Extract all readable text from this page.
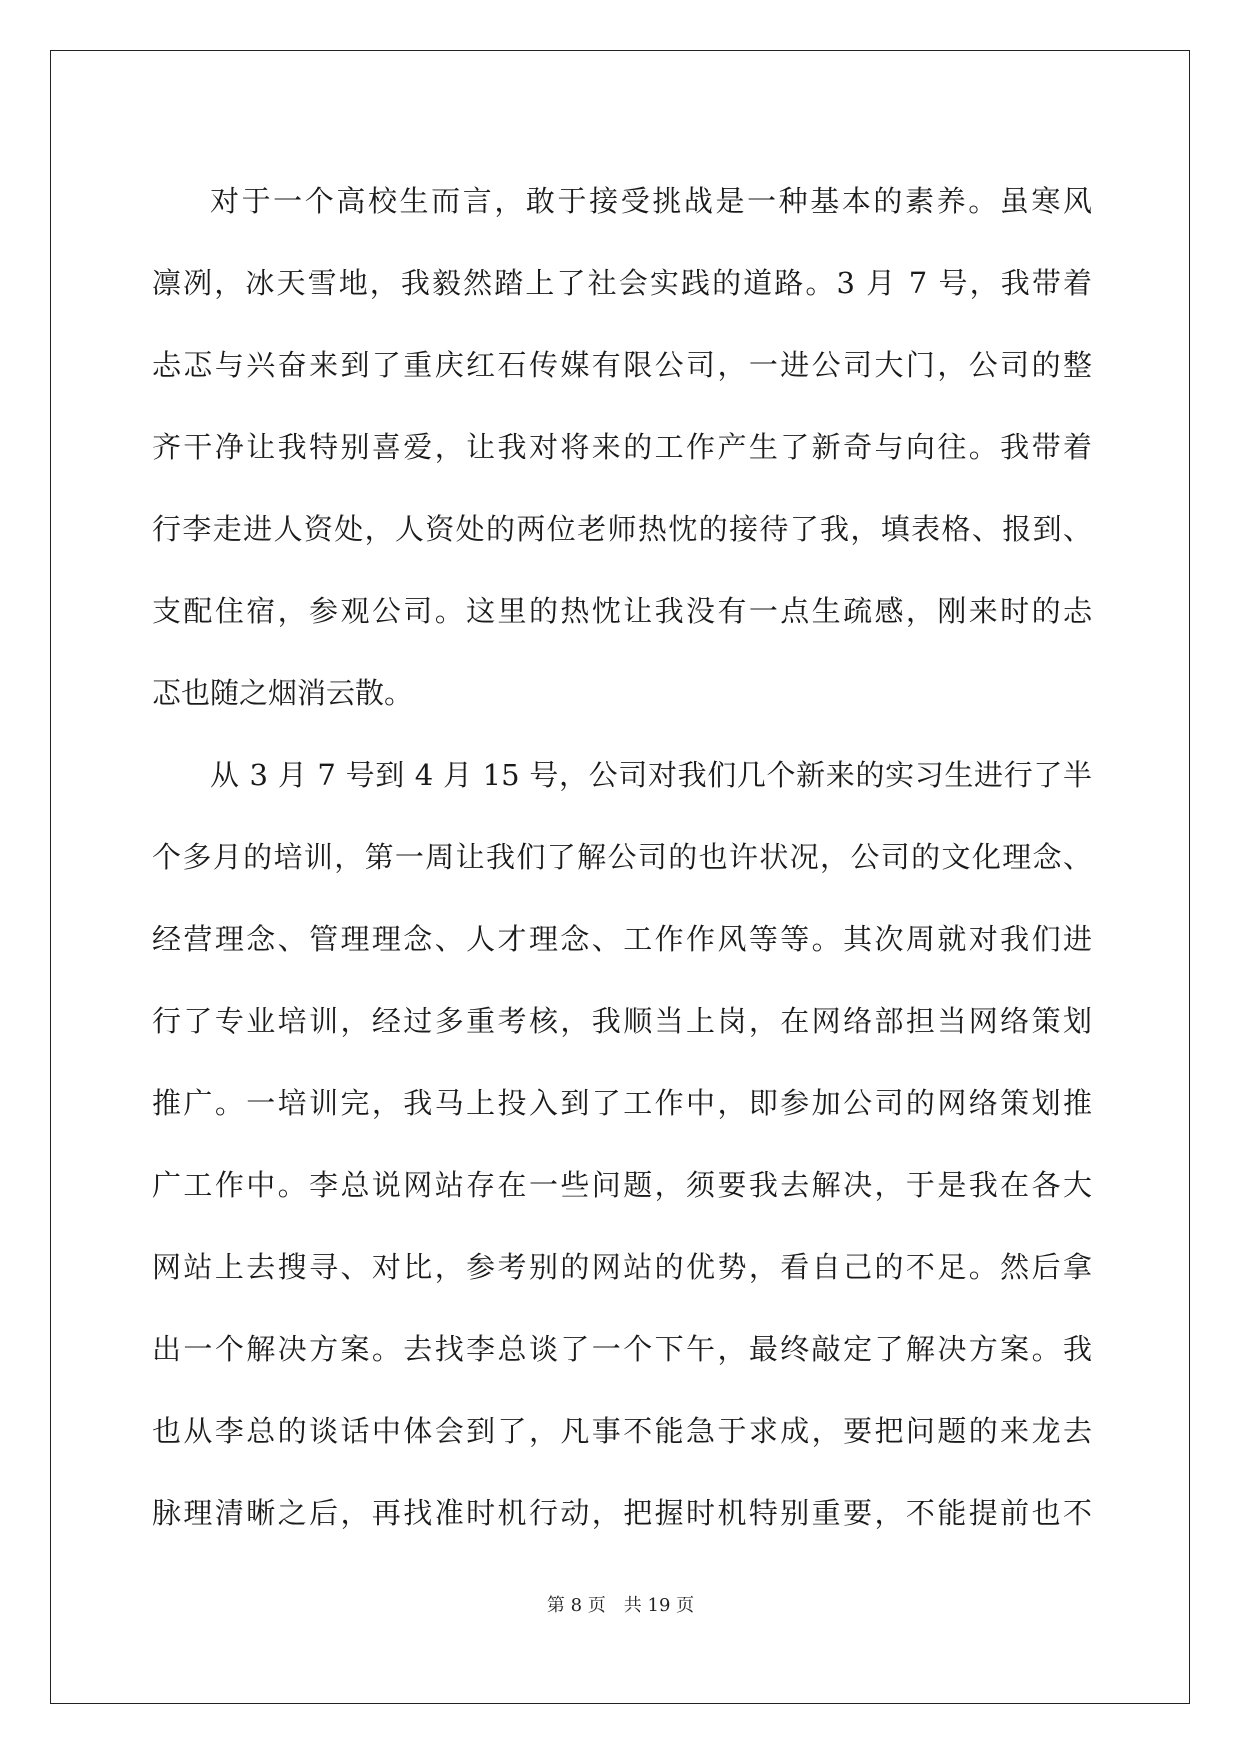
对于一个高校生而言，敢于接受挑战是一种基本的素养。虽寒风
凛冽，冰天雪地，我毅然踏上了社会实践的道路。3 月 7 号，我带着
忐忑与兴奋来到了重庆红石传媒有限公司，一进公司大门，公司的整
齐干净让我特别喜爱，让我对将来的工作产生了新奇与向往。我带着
行李走进人资处，人资处的两位老师热忱的接待了我，填表格、报到、
支配住宿，参观公司。这里的热忱让我没有一点生疏感，刚来时的忐
忑也随之烟消云散。
从 3 月 7 号到 4 月 15 号，公司对我们几个新来的实习生进行了半
个多月的培训，第一周让我们了解公司的也许状况，公司的文化理念、
经营理念、管理理念、人才理念、工作作风等等。其次周就对我们进
行了专业培训，经过多重考核，我顺当上岗，在网络部担当网络策划
推广。一培训完，我马上投入到了工作中，即参加公司的网络策划推
广工作中。李总说网站存在一些问题，须要我去解决，于是我在各大
网站上去搜寻、对比，参考别的网站的优势，看自己的不足。然后拿
出一个解决方案。去找李总谈了一个下午，最终敲定了解决方案。我
也从李总的谈话中体会到了，凡事不能急于求成，要把问题的来龙去
脉理清晰之后，再找准时机行动，把握时机特别重要，不能提前也不
第 8 页　共 19 页
